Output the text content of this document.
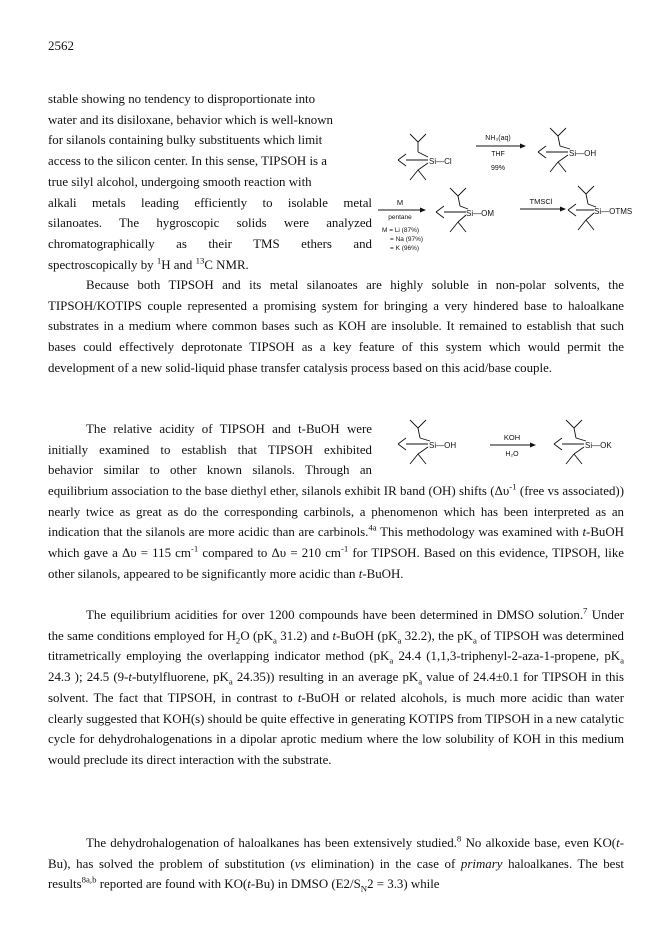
2562

stable showing no tendency to disproportionate into

water and its disiloxane, behavior which is well-known

for silanols containing bulky substituents which limit

access to the silicon center. In this sense, TIPSOH is a

true silyl alcohol, undergoing smooth reaction with

alkali metals leading efficiently to isolable metal

silanoates. The hygroscopic solids were analyzed

chromatographically as their TMS ethers and

spectroscopically by $^1$H and $^{13}$C NMR.

Si—Cl
NH₃(aq)
THF
99%
Si—OH
M
pentane	Si—OM
TMSCl
Si—OTMS
M = Li (87%)
= Na (97%)
= K (96%)

Because both TIPSOH and its metal silanoates are highly soluble in non-polar solvents, the TIPSOH/KOTIPS couple represented a promising system for bringing a very hindered base to haloalkane substrates in a medium where common bases such as KOH are insoluble. It remained to establish that such bases could effectively deprotonate TIPSOH as a key feature of this system which would permit the development of a new solid-liquid phase transfer catalysis process based on this acid/base couple.

The relative acidity of TIPSOH and t-BuOH were

initially examined to establish that TIPSOH exhibited

behavior similar to other known silanols. Through an

Si—OH
KOH
H₂O
Si—OK

equilibrium association to the base diethyl ether, silanols exhibit IR band (OH) shifts ($\Delta\upsilon^{-1}$ (free vs associated)) nearly twice as great as do the corresponding carbinols, a phenomenon which has been interpreted as an indication that the silanols are more acidic than are carbinols.$^{4a}$ This methodology was examined with t-BuOH which gave a Δυ = 115 $cm^{-1}$ compared to Δυ = 210 $cm^{-1}$ for TIPSOH. Based on this evidence, TIPSOH, like other silanols, appeared to be significantly more acidic than t-BuOH.

The equilibrium acidities for over 1200 compounds have been determined in DMSO solution.$^7$ Under the same conditions employed for $H_2O$ ($pK_a$ 31.2) and t-BuOH ($pK_a$ 32.2), the $pK_a$ of TIPSOH was determined titrametrically employing the overlapping indicator method ($pK_a$ 24.4 (1,1,3-triphenyl-2-aza-1-propene, $pK_a$ 24.3 ); 24.5 (9-t-butylfluorene, $pK_a$ 24.35)) resulting in an average $pK_a$ value of 24.4±0.1 for TIPSOH in this solvent. The fact that TIPSOH, in contrast to t-BuOH or related alcohols, is much more acidic than water clearly suggested that KOH(s) should be quite effective in generating KOTIPS from TIPSOH in a new catalytic cycle for dehydrohalogenations in a dipolar aprotic medium where the low solubility of KOH in this medium would preclude its direct interaction with the substrate.

The dehydrohalogenation of haloalkanes has been extensively studied.$^8$ No alkoxide base, even KO(t-Bu), has solved the problem of substitution (vs elimination) in the case of primary haloalkanes. The best results$^{8a,b}$ reported are found with KO(t-Bu) in DMSO $(E2/S_N2 = 3.3)$ while
